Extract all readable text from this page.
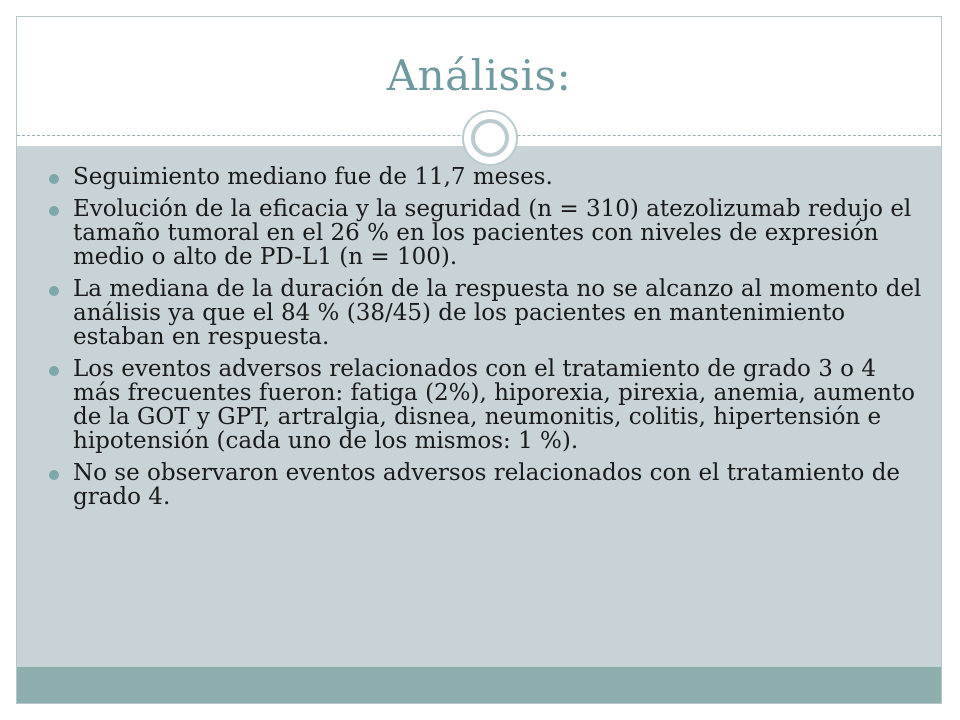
Análisis:
Seguimiento mediano fue de 11,7 meses.
Evolución de la eficacia y la seguridad (n = 310) atezolizumab redujo el tamaño tumoral en el 26 % en los pacientes con niveles de expresión medio o alto de PD-L1 (n = 100).
La mediana de la duración de la respuesta no se alcanzo al momento del análisis ya que el 84 % (38/45) de los pacientes en mantenimiento estaban en respuesta.
Los eventos adversos relacionados con el tratamiento de grado 3 o 4 más frecuentes fueron: fatiga (2%), hiporexia, pirexia, anemia, aumento de la GOT y GPT, artralgia, disnea, neumonitis, colitis, hipertensión e hipotensión (cada uno de los mismos: 1 %).
No se observaron eventos adversos relacionados con el tratamiento de grado 4.
